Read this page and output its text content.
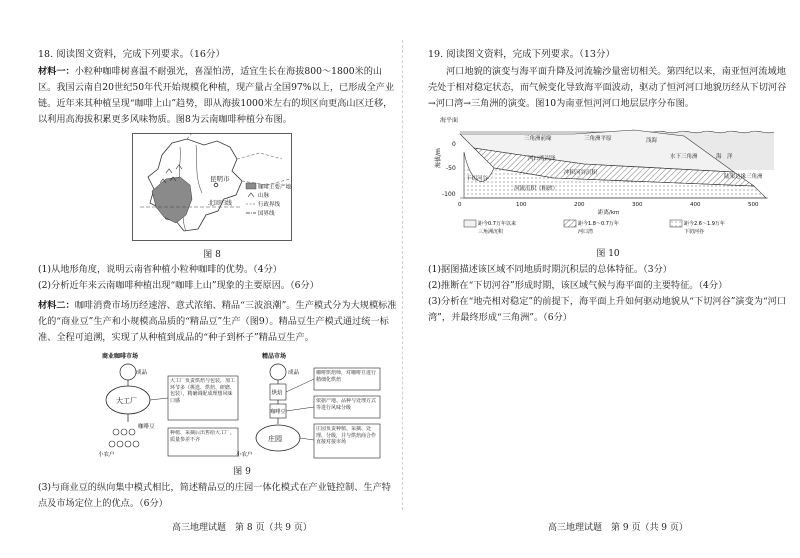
18. 阅读图文资料，完成下列要求。（16分）
材料一：小粒种咖啡树喜温不耐强光，喜湿怕涝，适宜生长在海拔800～1800米的山区。我国云南自20世纪50年代开始规模化种植，现产量占全国97%以上，已形成全产业链。近年来其种植呈现“咖啡上山”趋势，即从海拔1000米左右的坝区向更高山区迁移，以利用高海拔积累更多风味物质。图8为云南咖啡种植分布图。
昆明市
北回归线
咖啡主要产地
山脉
行政界线
国界线
图 8
(1)从地形角度，说明云南省种植小粒种咖啡的优势。（4分）
(2)分析近年来云南咖啡种植出现“咖啡上山”现象的主要原因。（6分）
材料二：咖啡消费市场历经速溶、意式浓缩、精品“三波浪潮”。生产模式分为大规模标准化的“商业豆”生产和小规模高品质的“精品豆”生产（图9）。精品豆生产模式通过统一标准、全程可追溯，实现了从种植到成品的“种子到杯子”精品豆生产。
商业咖啡市场	精品市场
成品
大工厂
大工厂负责烘焙与包装，加工环节多（挑选、烘焙、研磨、包装），精确调配成理想风味口感
咖啡豆
小农户
种植、采摘后出售给大工厂，质量参差不齐
成品
烘焙
咖啡豆
庄园
小农户
咖啡烘焙师，对咖啡豆进行精细化烘焙
依据产地、品种与处理方式等进行风味分级
庄园负责种植、采摘、处理、分级，并与烘焙商合作直接对接市场
图 9
(3)与商业豆的纵向集中模式相比，简述精品豆的庄园一体化模式在产业链控制、生产特点及市场定位上的优点。（6分）
高三地理试题　第 8 页（共 9 页）
19. 阅读图文资料，完成下列要求。（13分）
河口地貌的演变与海平面升降及河流输沙量密切相关。第四纪以来，南亚恒河流域地壳处于相对稳定状态，而气候变化导致海平面波动，驱动了恒河河口地貌历经从下切河谷→河口湾→三角洲的演变。图10为南亚恒河河口地层层序分布图。
海平面
海拔/m
0
-50
-100
三角洲前缘	三角洲平原	浅海
河口湾沼泽	水下三角洲	海　洋
下切河谷
冲积河谷沉积
河流沉积（粗砂）
陆架边缘三角洲
0	100	200	300	400	500
距离/km
距今0.7万年以来
三角洲沉积
距今1.8～0.7万年
河口湾
距今2.6～1.9万年
下切河谷
图 10
(1)据图描述该区域不同地质时期沉积层的总体特征。（3分）
(2)推断在“下切河谷”形成时期，该区域气候与海平面的主要特征。（4分）
(3)分析在“地壳相对稳定”的前提下，海平面上升如何驱动地貌从“下切河谷”演变为“河口湾”，并最终形成“三角洲”。（6分）
高三地理试题　第 9 页（共 9 页）
